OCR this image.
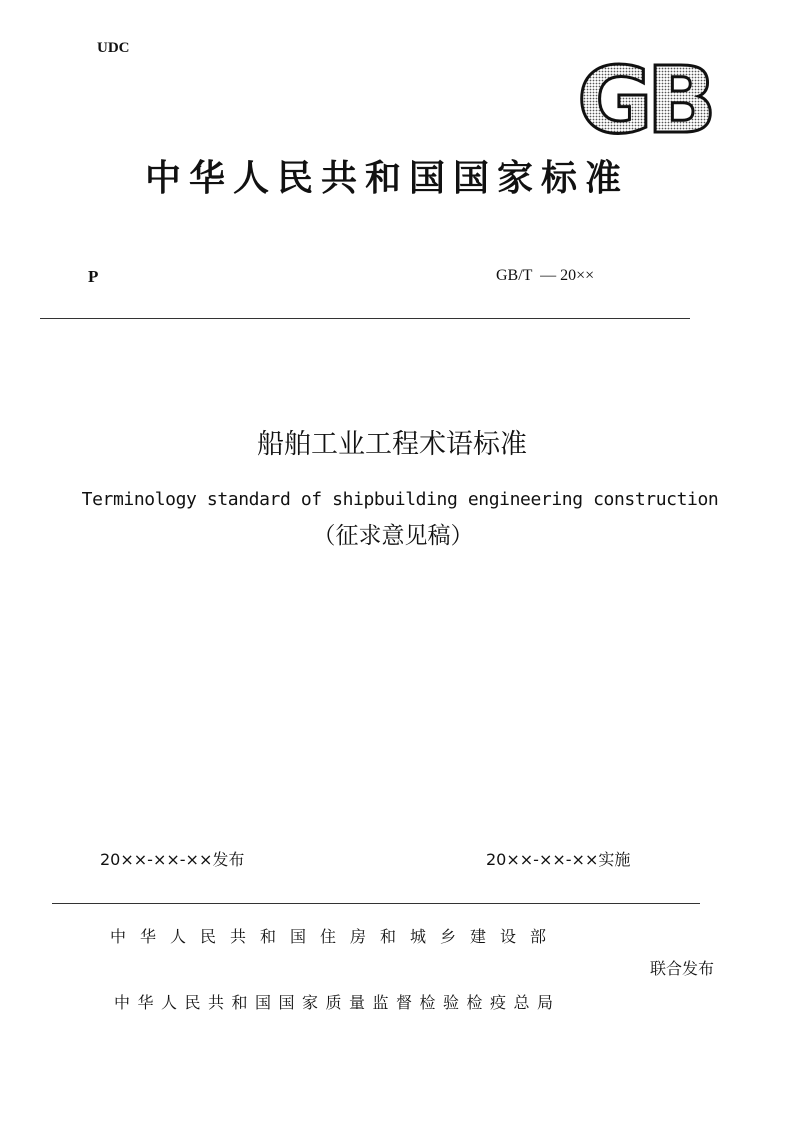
UDC	GB
中华人民共和国国家标准
P	GB/T  — 20××
船舶工业工程术语标准
Terminology standard of shipbuilding engineering construction
（征求意见稿）
20××-××-××发布	20××-××-××实施
中华人民共和国住房和城乡建设部
联合发布
中华人民共和国国家质量监督检验检疫总局
